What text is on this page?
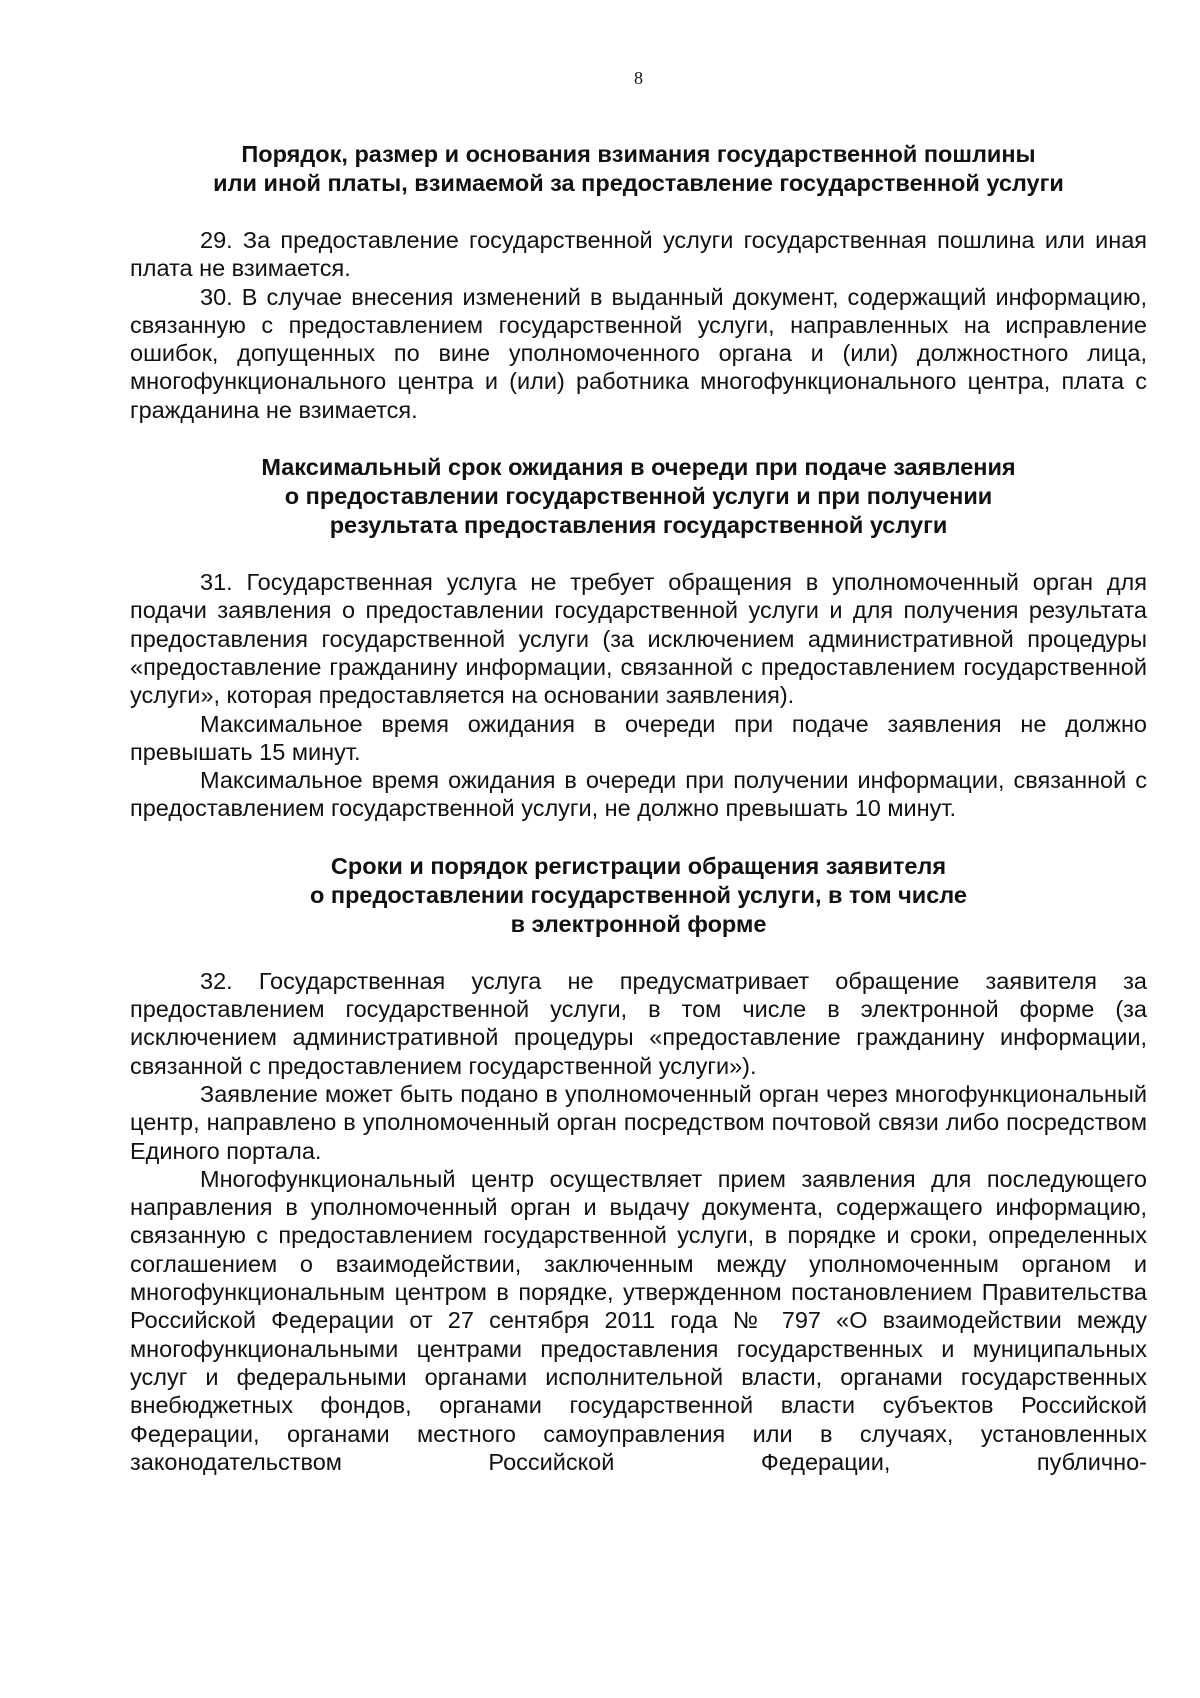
8
Порядок, размер и основания взимания государственной пошлины
или иной платы, взимаемой за предоставление государственной услуги

29. За предоставление государственной услуги государственная пошлина или иная плата не взимается.

30. В случае внесения изменений в выданный документ, содержащий информацию, связанную с предоставлением государственной услуги, направленных на исправление ошибок, допущенных по вине уполномоченного органа и (или) должностного лица, многофункционального центра и (или) работника многофункционального центра, плата с гражданина не взимается.

Максимальный срок ожидания в очереди при подаче заявления
о предоставлении государственной услуги и при получении
результата предоставления государственной услуги

31. Государственная услуга не требует обращения в уполномоченный орган для подачи заявления о предоставлении государственной услуги и для получения результата предоставления государственной услуги (за исключением административной процедуры «предоставление гражданину информации, связанной с предоставлением государственной услуги», которая предоставляется на основании заявления).

Максимальное время ожидания в очереди при подаче заявления не должно превышать 15 минут.

Максимальное время ожидания в очереди при получении информации, связанной с предоставлением государственной услуги, не должно превышать 10 минут.

Сроки и порядок регистрации обращения заявителя
о предоставлении государственной услуги, в том числе
в электронной форме

32. Государственная услуга не предусматривает обращение заявителя за предоставлением государственной услуги, в том числе в электронной форме (за исключением административной процедуры «предоставление гражданину информации, связанной с предоставлением государственной услуги»).

Заявление может быть подано в уполномоченный орган через многофункциональный центр, направлено в уполномоченный орган посредством почтовой связи либо посредством Единого портала.

Многофункциональный центр осуществляет прием заявления для последующего направления в уполномоченный орган и выдачу документа, содержащего информацию, связанную с предоставлением государственной услуги, в порядке и сроки, определенных соглашением о взаимодействии, заключенным между уполномоченным органом и многофункциональным центром в порядке, утвержденном постановлением Правительства Российской Федерации от 27 сентября 2011 года № 797 «О взаимодействии между многофункциональными центрами предоставления государственных и муниципальных услуг и федеральными органами исполнительной власти, органами государственных внебюджетных фондов, органами государственной власти субъектов Российской Федерации, органами местного самоуправления или в случаях, установленных законодательством Российской Федерации, публично-
